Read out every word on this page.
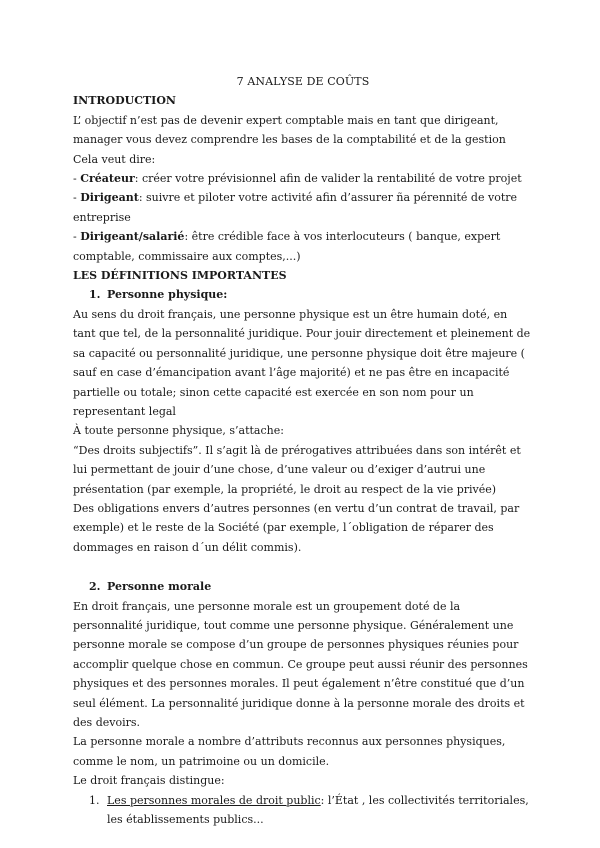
7 ANALYSE DE COÛTS

INTRODUCTION

L’ objectif n’est pas de devenir expert comptable mais en tant que dirigeant, manager vous devez comprendre les bases de la comptabilité et de la gestion

Cela veut dire:

- Créateur: créer votre prévisionnel afin de valider la rentabilité de votre projet

- Dirigeant: suivre et piloter votre activité afin d’assurer ña pérennité de votre entreprise

- Dirigeant/salarié: être crédible face à vos interlocuteurs ( banque, expert comptable, commissaire aux comptes,...)

LES DÉFINITIONS IMPORTANTES

1. Personne physique:

Au sens du droit français, une personne physique est un être humain doté, en tant que tel, de la personnalité juridique. Pour jouir directement et pleinement de sa capacité ou personnalité juridique, une personne physique doit être majeure ( sauf en case d’émancipation avant l’âge majorité) et ne pas être en incapacité partielle ou totale; sinon cette capacité est exercée en son nom pour un representant legal

À toute personne physique, s’attache:

“Des droits subjectifs”. Il s’agit là de prérogatives attribuées dans son intérêt et lui permettant de jouir d’une chose, d’une valeur ou d’exiger d’autrui une présentation (par exemple, la propriété, le droit au respect de la vie privée)

Des obligations envers d’autres personnes (en vertu d’un contrat de travail, par exemple) et le reste de la Société (par exemple, l´obligation de réparer des dommages en raison d´un délit commis).

2. Personne morale

En droit français, une personne morale est un groupement doté de la personnalité juridique, tout comme une personne physique. Généralement une personne morale se compose d’un groupe de personnes physiques réunies pour accomplir quelque chose en commun. Ce groupe peut aussi réunir des personnes physiques et des personnes morales. Il peut également n’être constitué que d’un seul élément. La personnalité juridique donne à la personne morale des droits et des devoirs.

La personne morale a nombre d’attributs reconnus aux personnes physiques, comme le nom, un patrimoine ou un domicile.

Le droit français distingue:

1. Les personnes morales de droit public: l’État , les collectivités territoriales, les établissements publics...
